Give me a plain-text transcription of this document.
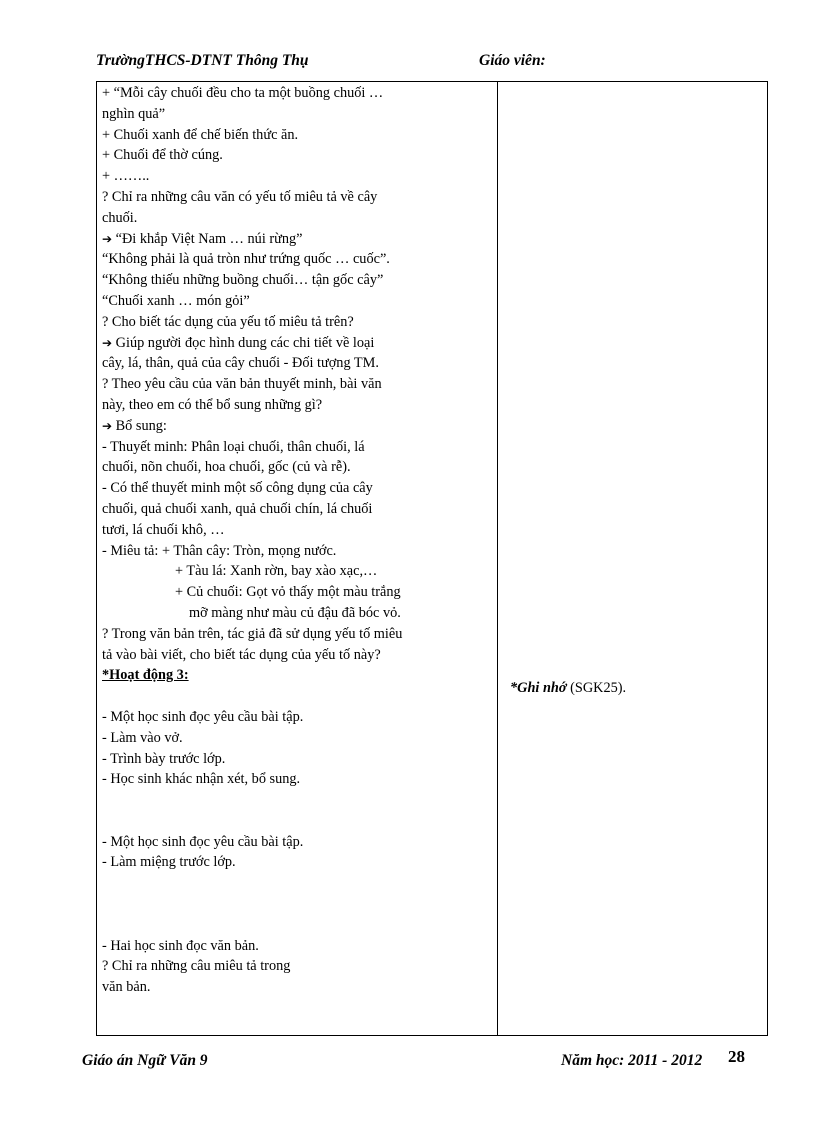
TrườngTHCS-DTNT Thông Thụ	Giáo viên:
+ “Mỗi cây chuối đều cho ta một buồng chuối …
nghìn quả”
+ Chuối xanh để chế biến thức ăn.
+ Chuối để thờ cúng.
+ ……..
? Chỉ ra những câu văn có yếu tố miêu tả về cây
chuối.
➔ “Đi khắp Việt Nam … núi rừng”
“Không phải là quả tròn như trứng quốc … cuốc”.
“Không thiếu những buồng chuối… tận gốc cây”
“Chuối xanh … món gỏi”
? Cho biết tác dụng của yếu tố miêu tả trên?
➔ Giúp người đọc hình dung các chi tiết về loại
cây, lá, thân, quả của cây chuối - Đối tượng TM.
? Theo yêu cầu của văn bản thuyết minh, bài văn
này, theo em có thể bổ sung những gì?
➔ Bổ sung:
- Thuyết minh: Phân loại chuối, thân chuối, lá
chuối, nõn chuối, hoa chuối, gốc (củ và rễ).
- Có thể thuyết minh một số công dụng của cây
chuối, quả chuối xanh, quả chuối chín, lá chuối
tươi, lá chuối khô, …
- Miêu tả: + Thân cây: Tròn, mọng nước.
+ Tàu lá: Xanh rờn, bay xào xạc,…
+ Củ chuối: Gọt vỏ thấy một màu trắng
mỡ màng như màu củ đậu đã bóc vỏ.
? Trong văn bản trên, tác giả đã sử dụng yếu tố miêu
tả vào bài viết, cho biết tác dụng của yếu tố này?
*Hoạt động 3:
- Một học sinh đọc yêu cầu bài tập.
- Làm vào vở.
- Trình bày trước lớp.
- Học sinh khác nhận xét, bổ sung.
- Một học sinh đọc yêu cầu bài tập.
- Làm miệng trước lớp.
- Hai học sinh đọc văn bản.
? Chỉ ra những câu miêu tả trong
văn bản.
*Ghi nhớ (SGK25).
Giáo án Ngữ Văn 9	Năm học: 2011 - 2012 28
